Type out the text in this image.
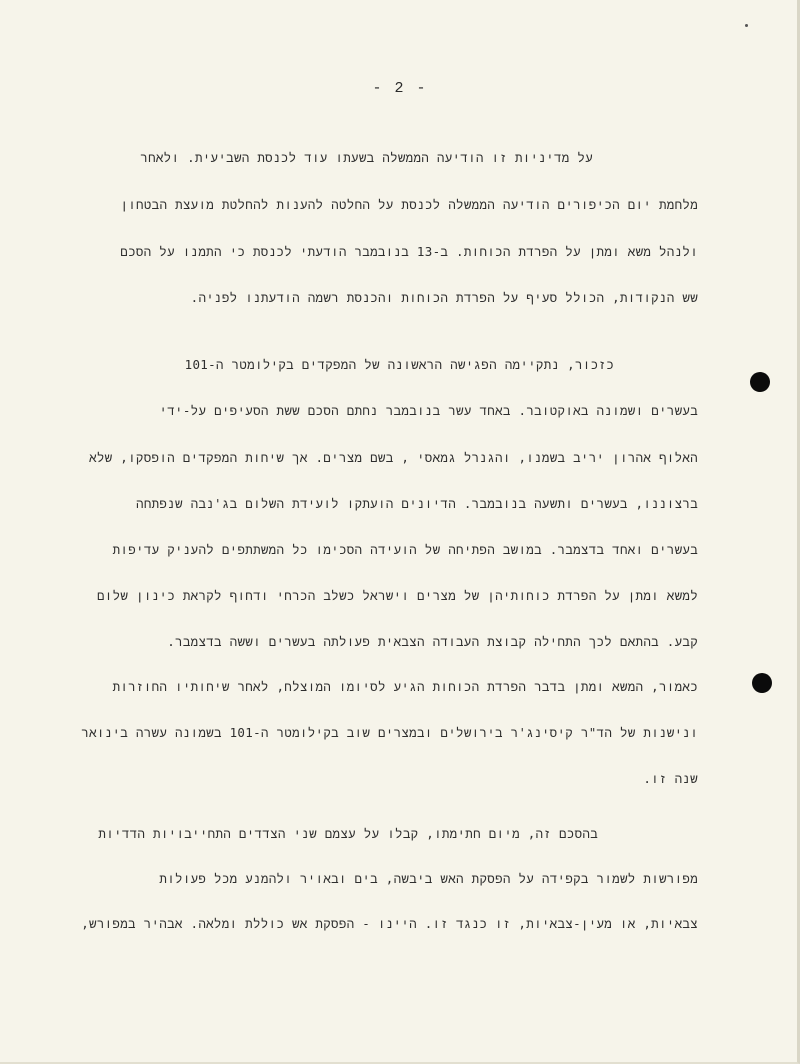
- 2 -
על מדיניות זו הודיעה הממשלה בשעתו עוד לכנסת השביעית. ולאחר
מלחמת יום הכיפורים הודיעה הממשלה לכנסת על החלטה להענות להחלטת מועצת הבטחון
ולנהל משא ומתן על הפרדת הכוחות. ב-13 בנובמבר הודעתי לכנסת כי התמנו על הסכם
שש הנקודות, הכולל סעיף על הפרדת הכוחות והכנסת רשמה הודעתנו לפניה.
כזכור, נתקיימה הפגישה הראשונה של המפקדים בקילומטר ה-101
בעשרים ושמונה באוקטובר. באחד עשר בנובמבר נחתם הסכם ששת הסעיפים על-ידי
האלוף אהרון יריב בשמנו, והגנרל גמאסי , בשם מצרים. אך שיחות המפקדים הופסקו, שלא
ברצוננו, בעשרים ותשעה בנובמבר. הדיונים הועתקו לועידת השלום בג'נבה שנפתחה
בעשרים ואחד בדצמבר. במושב הפתיחה של הועידה הסכימו כל המשתתפים להעניק עדיפות
למשא ומתן על הפרדת כוחותיהן של מצרים וישראל כשלב הכרחי ודחוף לקראת כינון שלום
קבע. בהתאם לכך התחילה קבוצת העבודה הצבאית פעולתה בעשרים וששה בדצמבר.
כאמור, המשא ומתן בדבר הפרדת הכוחות הגיע לסיומו המוצלח, לאחר שיחותיו החוזרות
ונישנות של הד"ר קיסינג'ר בירושלים ובמצרים שוב בקילומטר ה-101 בשמונה עשרה בינואר
שנה זו.
בהסכם זה, מיום חתימתו, קבלו על עצמם שני הצדדים התחייבויות הדדיות
מפורשות לשמור בקפידה על הפסקת האש ביבשה, בים ובאויר ולהמנע מכל פעולות
צבאיות, או מעין-צבאיות, זו כנגד זו. היינו - הפסקת אש כוללת ומלאה. אבהיר במפורש,
